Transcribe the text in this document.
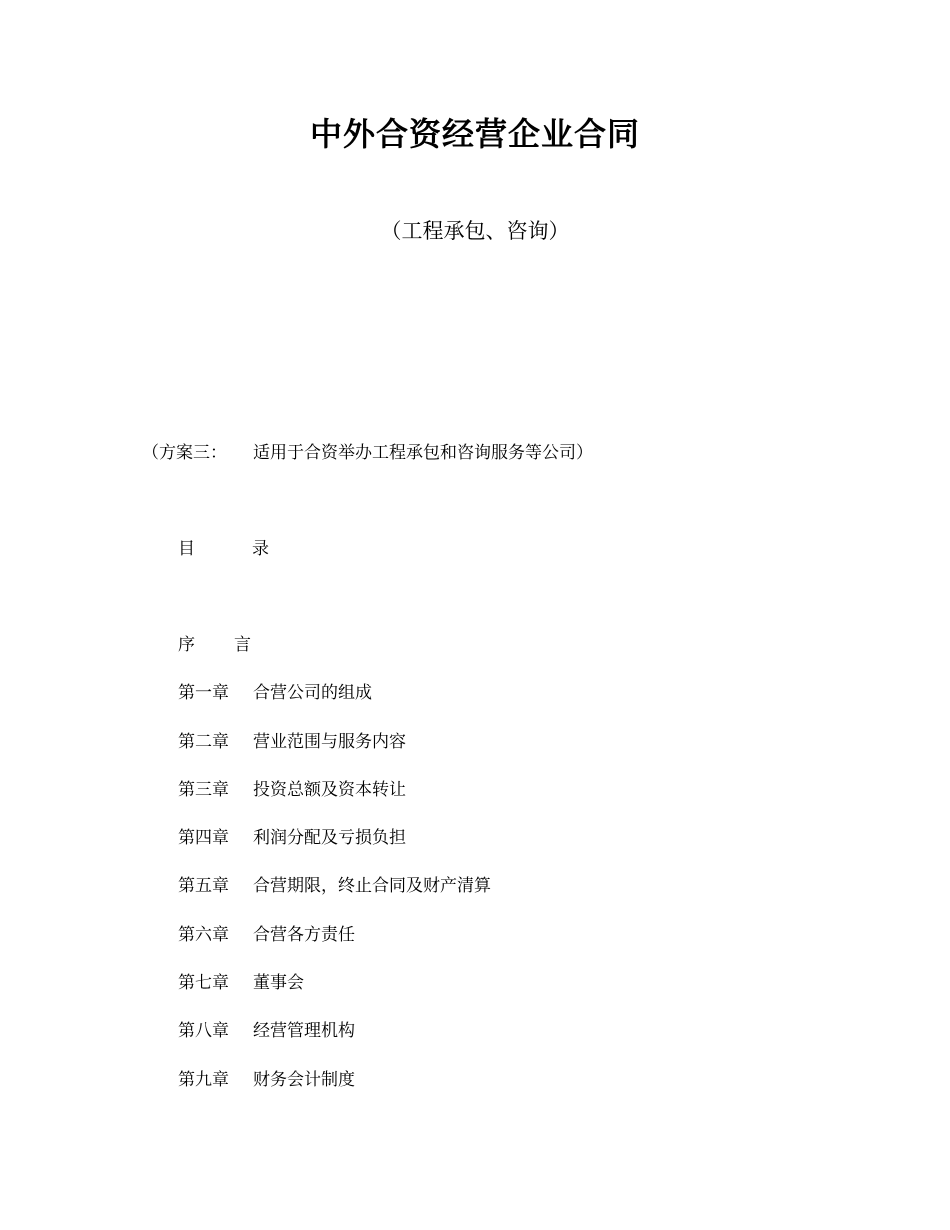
中外合资经营企业合同
（工程承包、咨询）
（方案三： 适用于合资举办工程承包和咨询服务等公司）
目	录
序 言
第一章 合营公司的组成
第二章 营业范围与服务内容
第三章 投资总额及资本转让
第四章 利润分配及亏损负担
第五章 合营期限，终止合同及财产清算
第六章 合营各方责任
第七章 董事会
第八章 经营管理机构
第九章 财务会计制度
